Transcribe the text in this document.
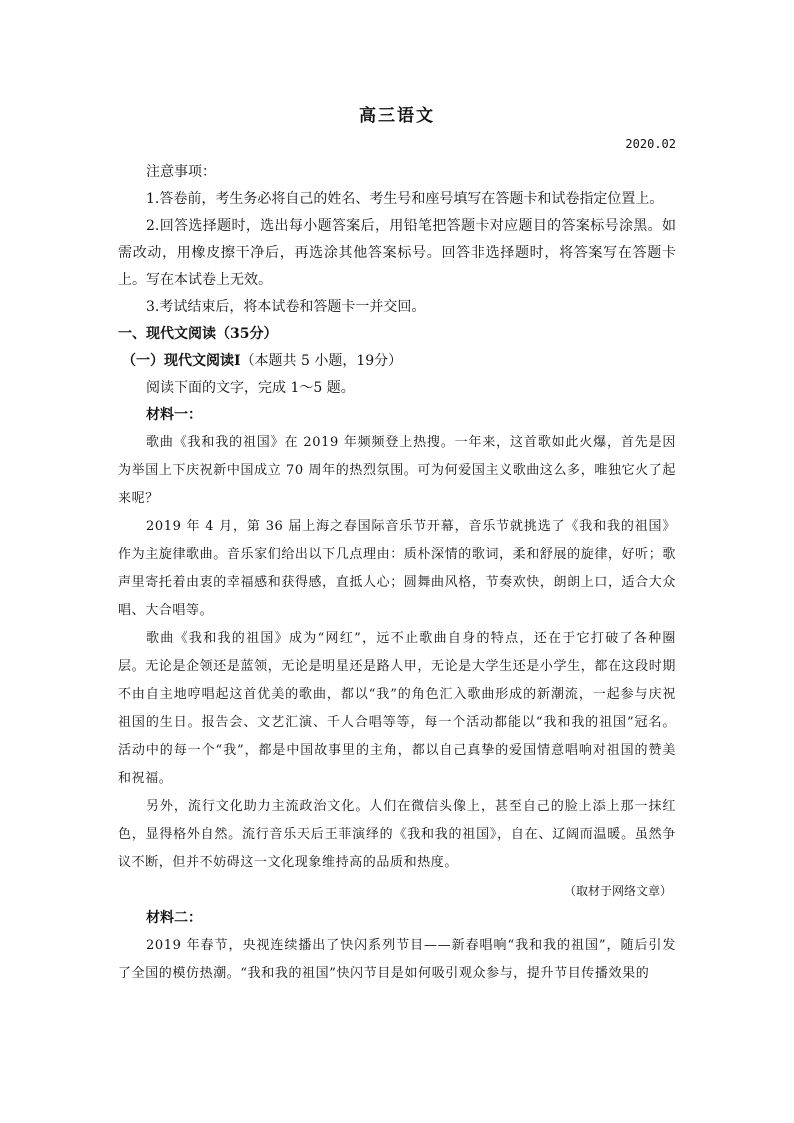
高三语文
2020.02

注意事项：

1.答卷前，考生务必将自己的姓名、考生号和座号填写在答题卡和试卷指定位置上。

2.回答选择题时，选出每小题答案后，用铅笔把答题卡对应题目的答案标号涂黑。如需改动，用橡皮擦干净后，再选涂其他答案标号。回答非选择题时，将答案写在答题卡上。写在本试卷上无效。

3.考试结束后，将本试卷和答题卡一并交回。

一、现代文阅读（35分）

（一）现代文阅读Ⅰ（本题共 5 小题，19分）

阅读下面的文字，完成 1～5 题。

材料一：

歌曲《我和我的祖国》在 2019 年频频登上热搜。一年来，这首歌如此火爆，首先是因为举国上下庆祝新中国成立 70 周年的热烈氛围。可为何爱国主义歌曲这么多，唯独它火了起来呢？

2019 年 4 月，第 36 届上海之春国际音乐节开幕，音乐节就挑选了《我和我的祖国》作为主旋律歌曲。音乐家们给出以下几点理由：质朴深情的歌词，柔和舒展的旋律，好听；歌声里寄托着由衷的幸福感和获得感，直抵人心；圆舞曲风格，节奏欢快，朗朗上口，适合大众唱、大合唱等。

歌曲《我和我的祖国》成为“网红”，远不止歌曲自身的特点，还在于它打破了各种圈层。无论是企领还是蓝领，无论是明星还是路人甲，无论是大学生还是小学生，都在这段时期不由自主地哼唱起这首优美的歌曲，都以“我”的角色汇入歌曲形成的新潮流，一起参与庆祝祖国的生日。报告会、文艺汇演、千人合唱等等，每一个活动都能以“我和我的祖国”冠名。活动中的每一个“我”，都是中国故事里的主角，都以自己真挚的爱国情意唱响对祖国的赞美和祝福。

另外，流行文化助力主流政治文化。人们在微信头像上，甚至自己的脸上添上那一抹红色，显得格外自然。流行音乐天后王菲演绎的《我和我的祖国》，自在、辽阔而温暖。虽然争议不断，但并不妨碍这一文化现象维持高的品质和热度。

（取材于网络文章）

材料二：

2019 年春节，央视连续播出了快闪系列节目——新春唱响“我和我的祖国”，随后引发了全国的模仿热潮。“我和我的祖国”快闪节目是如何吸引观众参与，提升节目传播效果的
